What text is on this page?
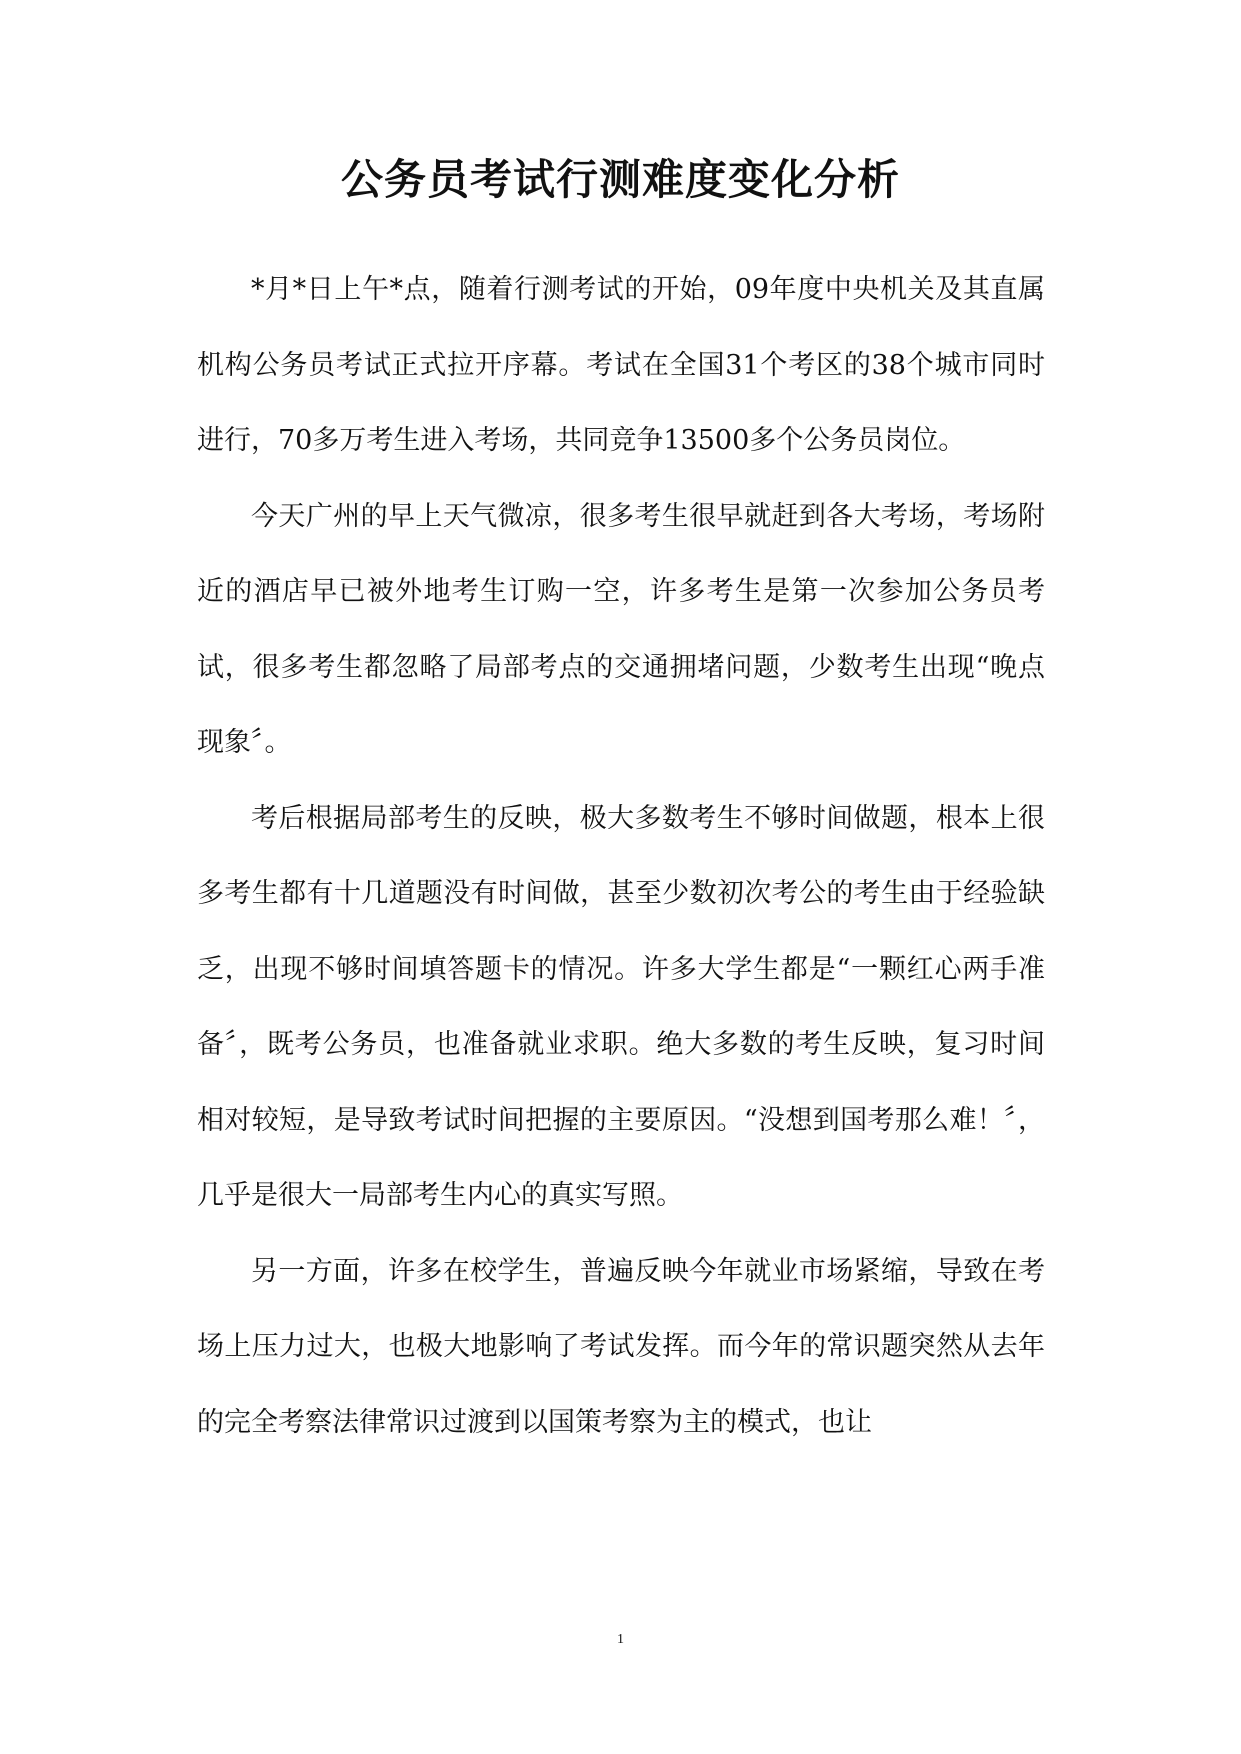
公务员考试行测难度变化分析

*月*日上午*点，随着行测考试的开始，09年度中央机关及其直属机构公务员考试正式拉开序幕。考试在全国31个考区的38个城市同时进行，70多万考生进入考场，共同竞争13500多个公务员岗位。

今天广州的早上天气微凉，很多考生很早就赶到各大考场，考场附近的酒店早已被外地考生订购一空，许多考生是第一次参加公务员考试，很多考生都忽略了局部考点的交通拥堵问题，少数考生出现“晚点现象〞。

考后根据局部考生的反映，极大多数考生不够时间做题，根本上很多考生都有十几道题没有时间做，甚至少数初次考公的考生由于经验缺乏，出现不够时间填答题卡的情况。许多大学生都是“一颗红心两手准备〞，既考公务员，也准备就业求职。绝大多数的考生反映，复习时间相对较短，是导致考试时间把握的主要原因。“没想到国考那么难！〞，几乎是很大一局部考生内心的真实写照。

另一方面，许多在校学生，普遍反映今年就业市场紧缩，导致在考场上压力过大，也极大地影响了考试发挥。而今年的常识题突然从去年的完全考察法律常识过渡到以国策考察为主的模式，也让

1
